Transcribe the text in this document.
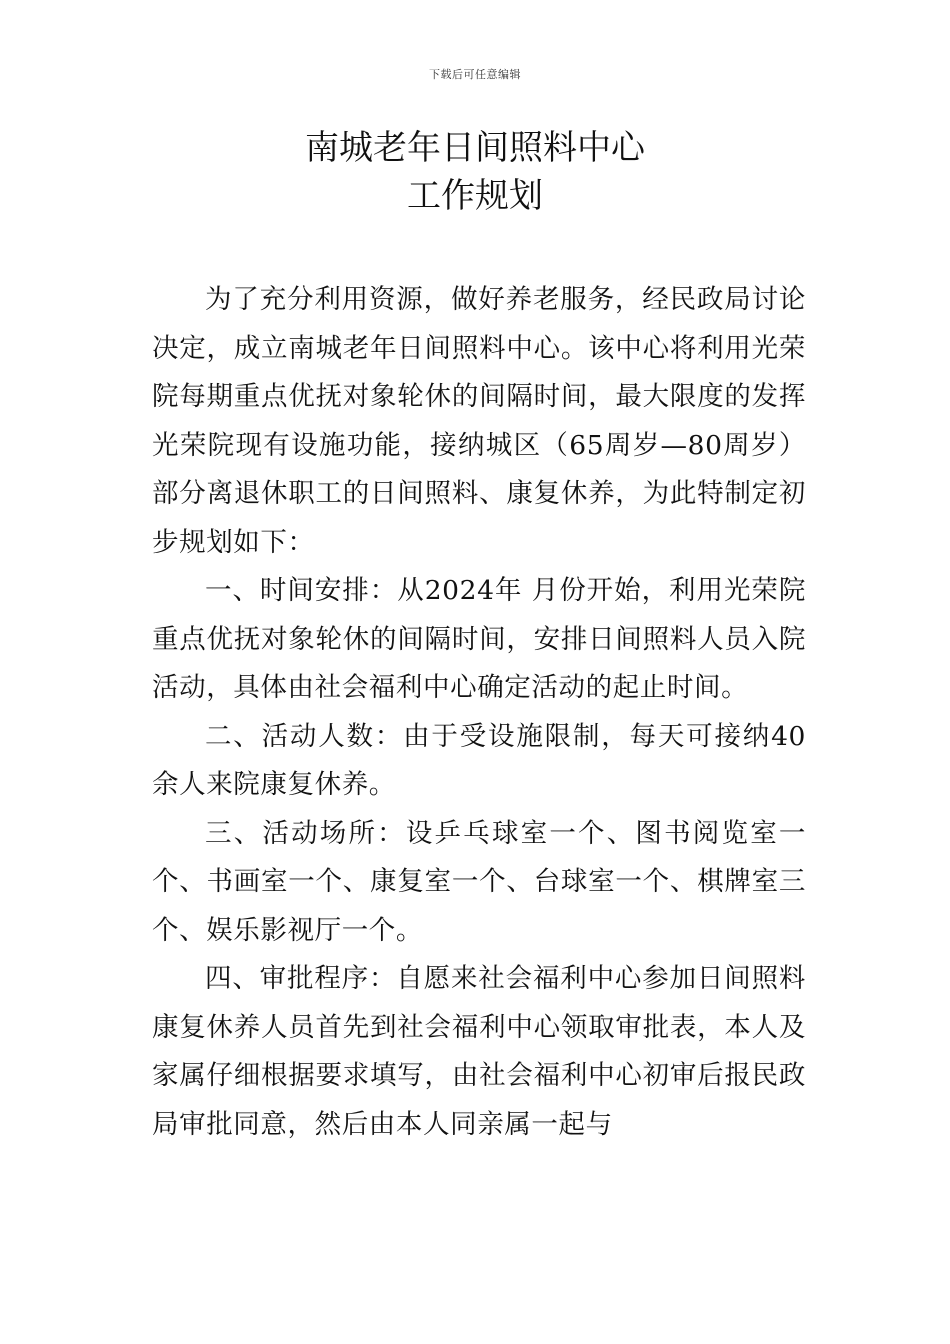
下载后可任意编辑
南城老年日间照料中心
工作规划

为了充分利用资源，做好养老服务，经民政局讨论决定，成立南城老年日间照料中心。该中心将利用光荣院每期重点优抚对象轮休的间隔时间，最大限度的发挥光荣院现有设施功能，接纳城区（65周岁—80周岁）部分离退休职工的日间照料、康复休养，为此特制定初步规划如下：

一、时间安排：从2024年 月份开始，利用光荣院重点优抚对象轮休的间隔时间，安排日间照料人员入院活动，具体由社会福利中心确定活动的起止时间。

二、活动人数：由于受设施限制，每天可接纳40余人来院康复休养。

三、活动场所：设乒乓球室一个、图书阅览室一个、书画室一个、康复室一个、台球室一个、棋牌室三个、娱乐影视厅一个。

四、审批程序：自愿来社会福利中心参加日间照料康复休养人员首先到社会福利中心领取审批表，本人及家属仔细根据要求填写，由社会福利中心初审后报民政局审批同意，然后由本人同亲属一起与
